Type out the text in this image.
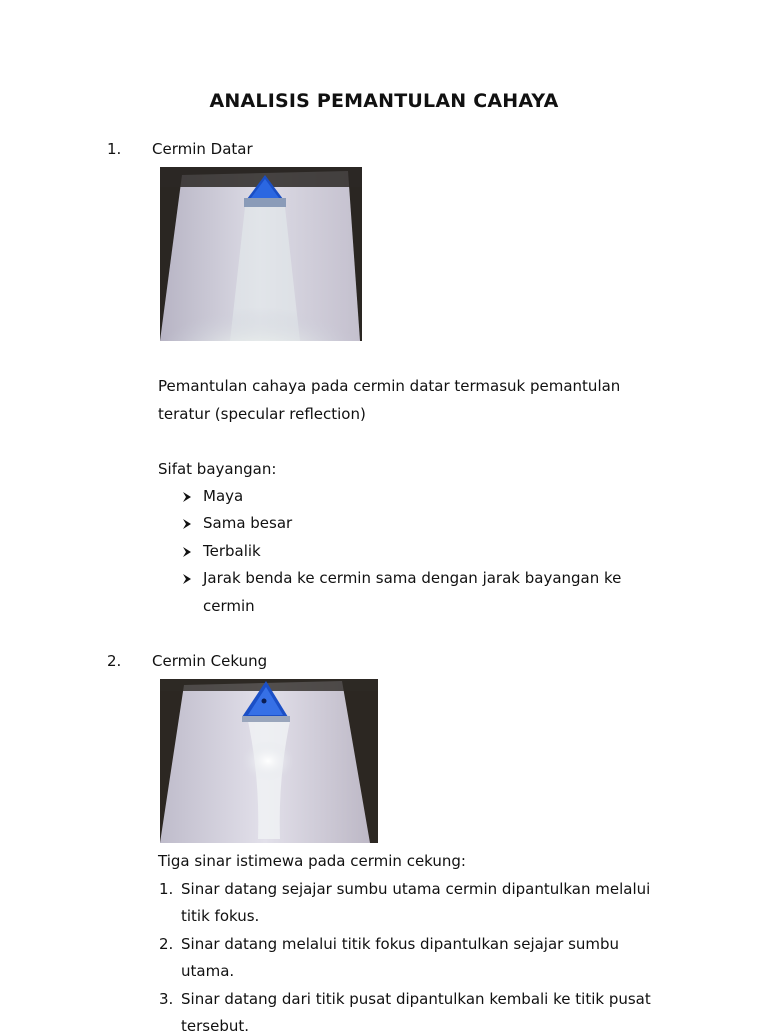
ANALISIS PEMANTULAN CAHAYA
1. Cermin Datar
Pemantulan cahaya pada cermin datar termasuk pemantulan
teratur (specular reflection)
Sifat bayangan:
Maya
Sama besar
Terbalik
Jarak benda ke cermin sama dengan jarak bayangan ke
cermin
2. Cermin Cekung
Tiga sinar istimewa pada cermin cekung:
1. Sinar datang sejajar sumbu utama cermin dipantulkan melalui
titik fokus.
2. Sinar datang melalui titik fokus dipantulkan sejajar sumbu
utama.
3. Sinar datang dari titik pusat dipantulkan kembali ke titik pusat
tersebut.
